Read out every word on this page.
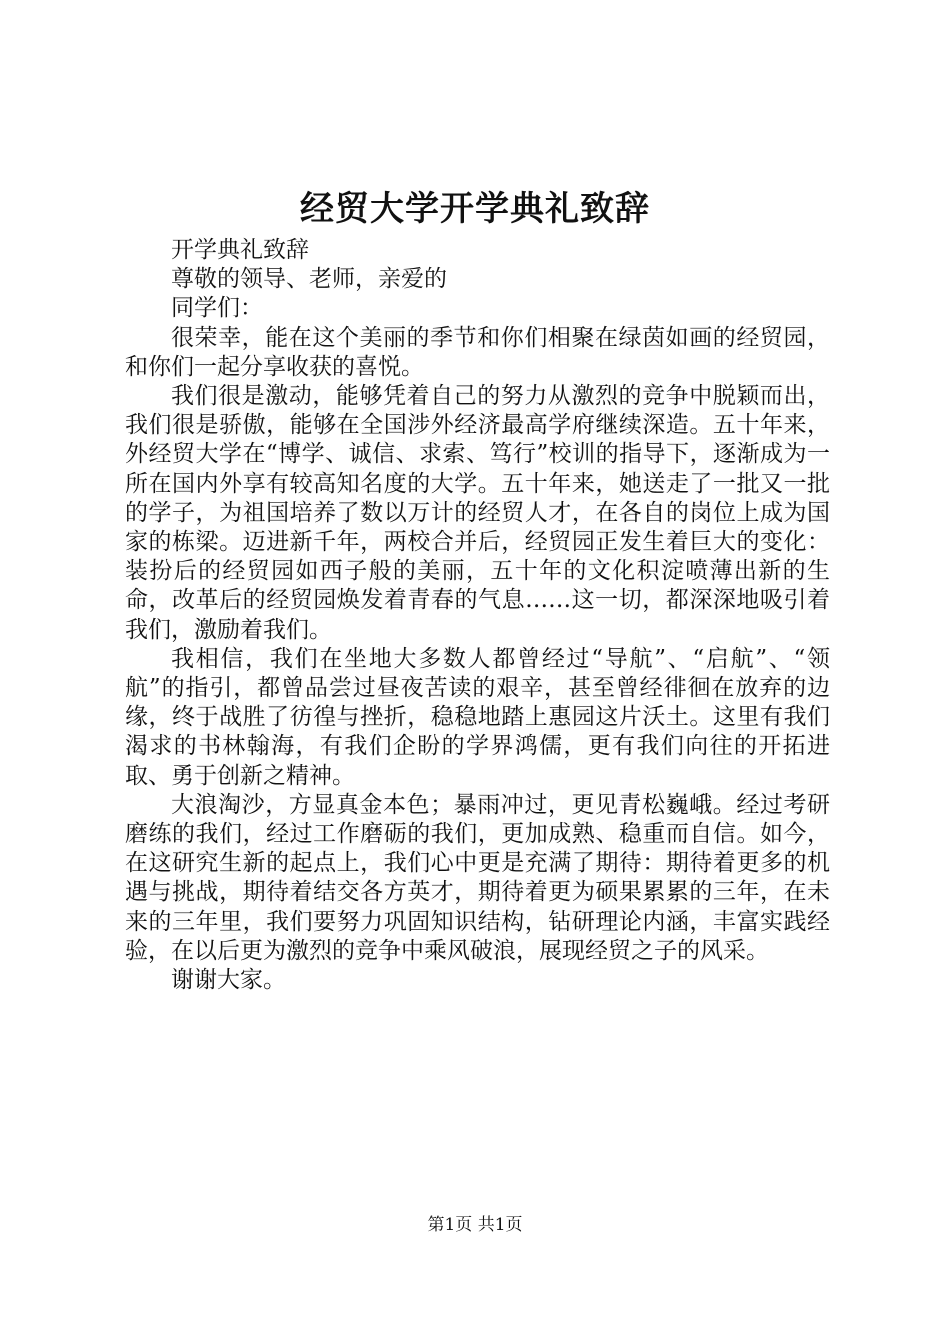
经贸大学开学典礼致辞

开学典礼致辞

尊敬的领导、老师，亲爱的

同学们：

很荣幸，能在这个美丽的季节和你们相聚在绿茵如画的经贸园，和你们一起分享收获的喜悦。

我们很是激动，能够凭着自己的努力从激烈的竞争中脱颖而出，我们很是骄傲，能够在全国涉外经济最高学府继续深造。五十年来，外经贸大学在“博学、诚信、求索、笃行”校训的指导下，逐渐成为一所在国内外享有较高知名度的大学。五十年来，她送走了一批又一批的学子，为祖国培养了数以万计的经贸人才，在各自的岗位上成为国家的栋梁。迈进新千年，两校合并后，经贸园正发生着巨大的变化：装扮后的经贸园如西子般的美丽，五十年的文化积淀喷薄出新的生命，改革后的经贸园焕发着青春的气息……这一切，都深深地吸引着我们，激励着我们。

我相信，我们在坐地大多数人都曾经过“导航”、“启航”、“领航”的指引，都曾品尝过昼夜苦读的艰辛，甚至曾经徘徊在放弃的边缘，终于战胜了彷徨与挫折，稳稳地踏上惠园这片沃土。这里有我们渴求的书林翰海，有我们企盼的学界鸿儒，更有我们向往的开拓进取、勇于创新之精神。

大浪淘沙，方显真金本色；暴雨冲过，更见青松巍峨。经过考研磨练的我们，经过工作磨砺的我们，更加成熟、稳重而自信。如今，在这研究生新的起点上，我们心中更是充满了期待：期待着更多的机遇与挑战，期待着结交各方英才，期待着更为硕果累累的三年，在未来的三年里，我们要努力巩固知识结构，钻研理论内涵，丰富实践经验，在以后更为激烈的竞争中乘风破浪，展现经贸之子的风采。

谢谢大家。

第1页 共1页
